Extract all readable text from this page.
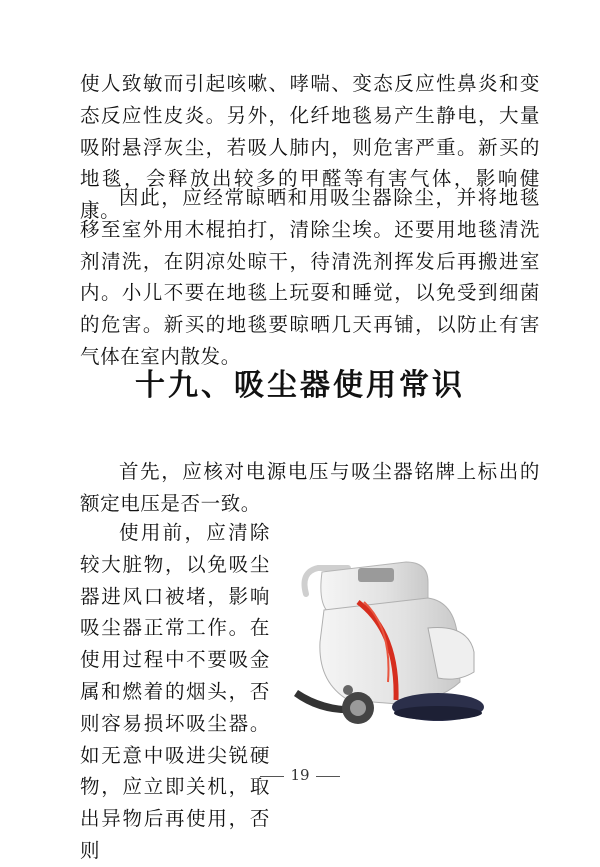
使人致敏而引起咳嗽、哮喘、变态反应性鼻炎和变态反应性皮炎。另外，化纤地毯易产生静电，大量吸附悬浮灰尘，若吸人肺内，则危害严重。新买的地毯，会释放出较多的甲醛等有害气体，影响健康。

因此，应经常晾晒和用吸尘器除尘，并将地毯移至室外用木棍拍打，清除尘埃。还要用地毯清洗剂清洗，在阴凉处晾干，待清洗剂挥发后再搬进室内。小儿不要在地毯上玩耍和睡觉，以免受到细菌的危害。新买的地毯要晾晒几天再铺，以防止有害气体在室内散发。

十九、吸尘器使用常识

首先，应核对电源电压与吸尘器铭牌上标出的额定电压是否一致。

使用前，应清除较大脏物，以免吸尘器进风口被堵，影响吸尘器正常工作。在使用过程中不要吸金属和燃着的烟头，否则容易损坏吸尘器。如无意中吸进尖锐硬物，应立即关机，取出异物后再使用，否则

19
